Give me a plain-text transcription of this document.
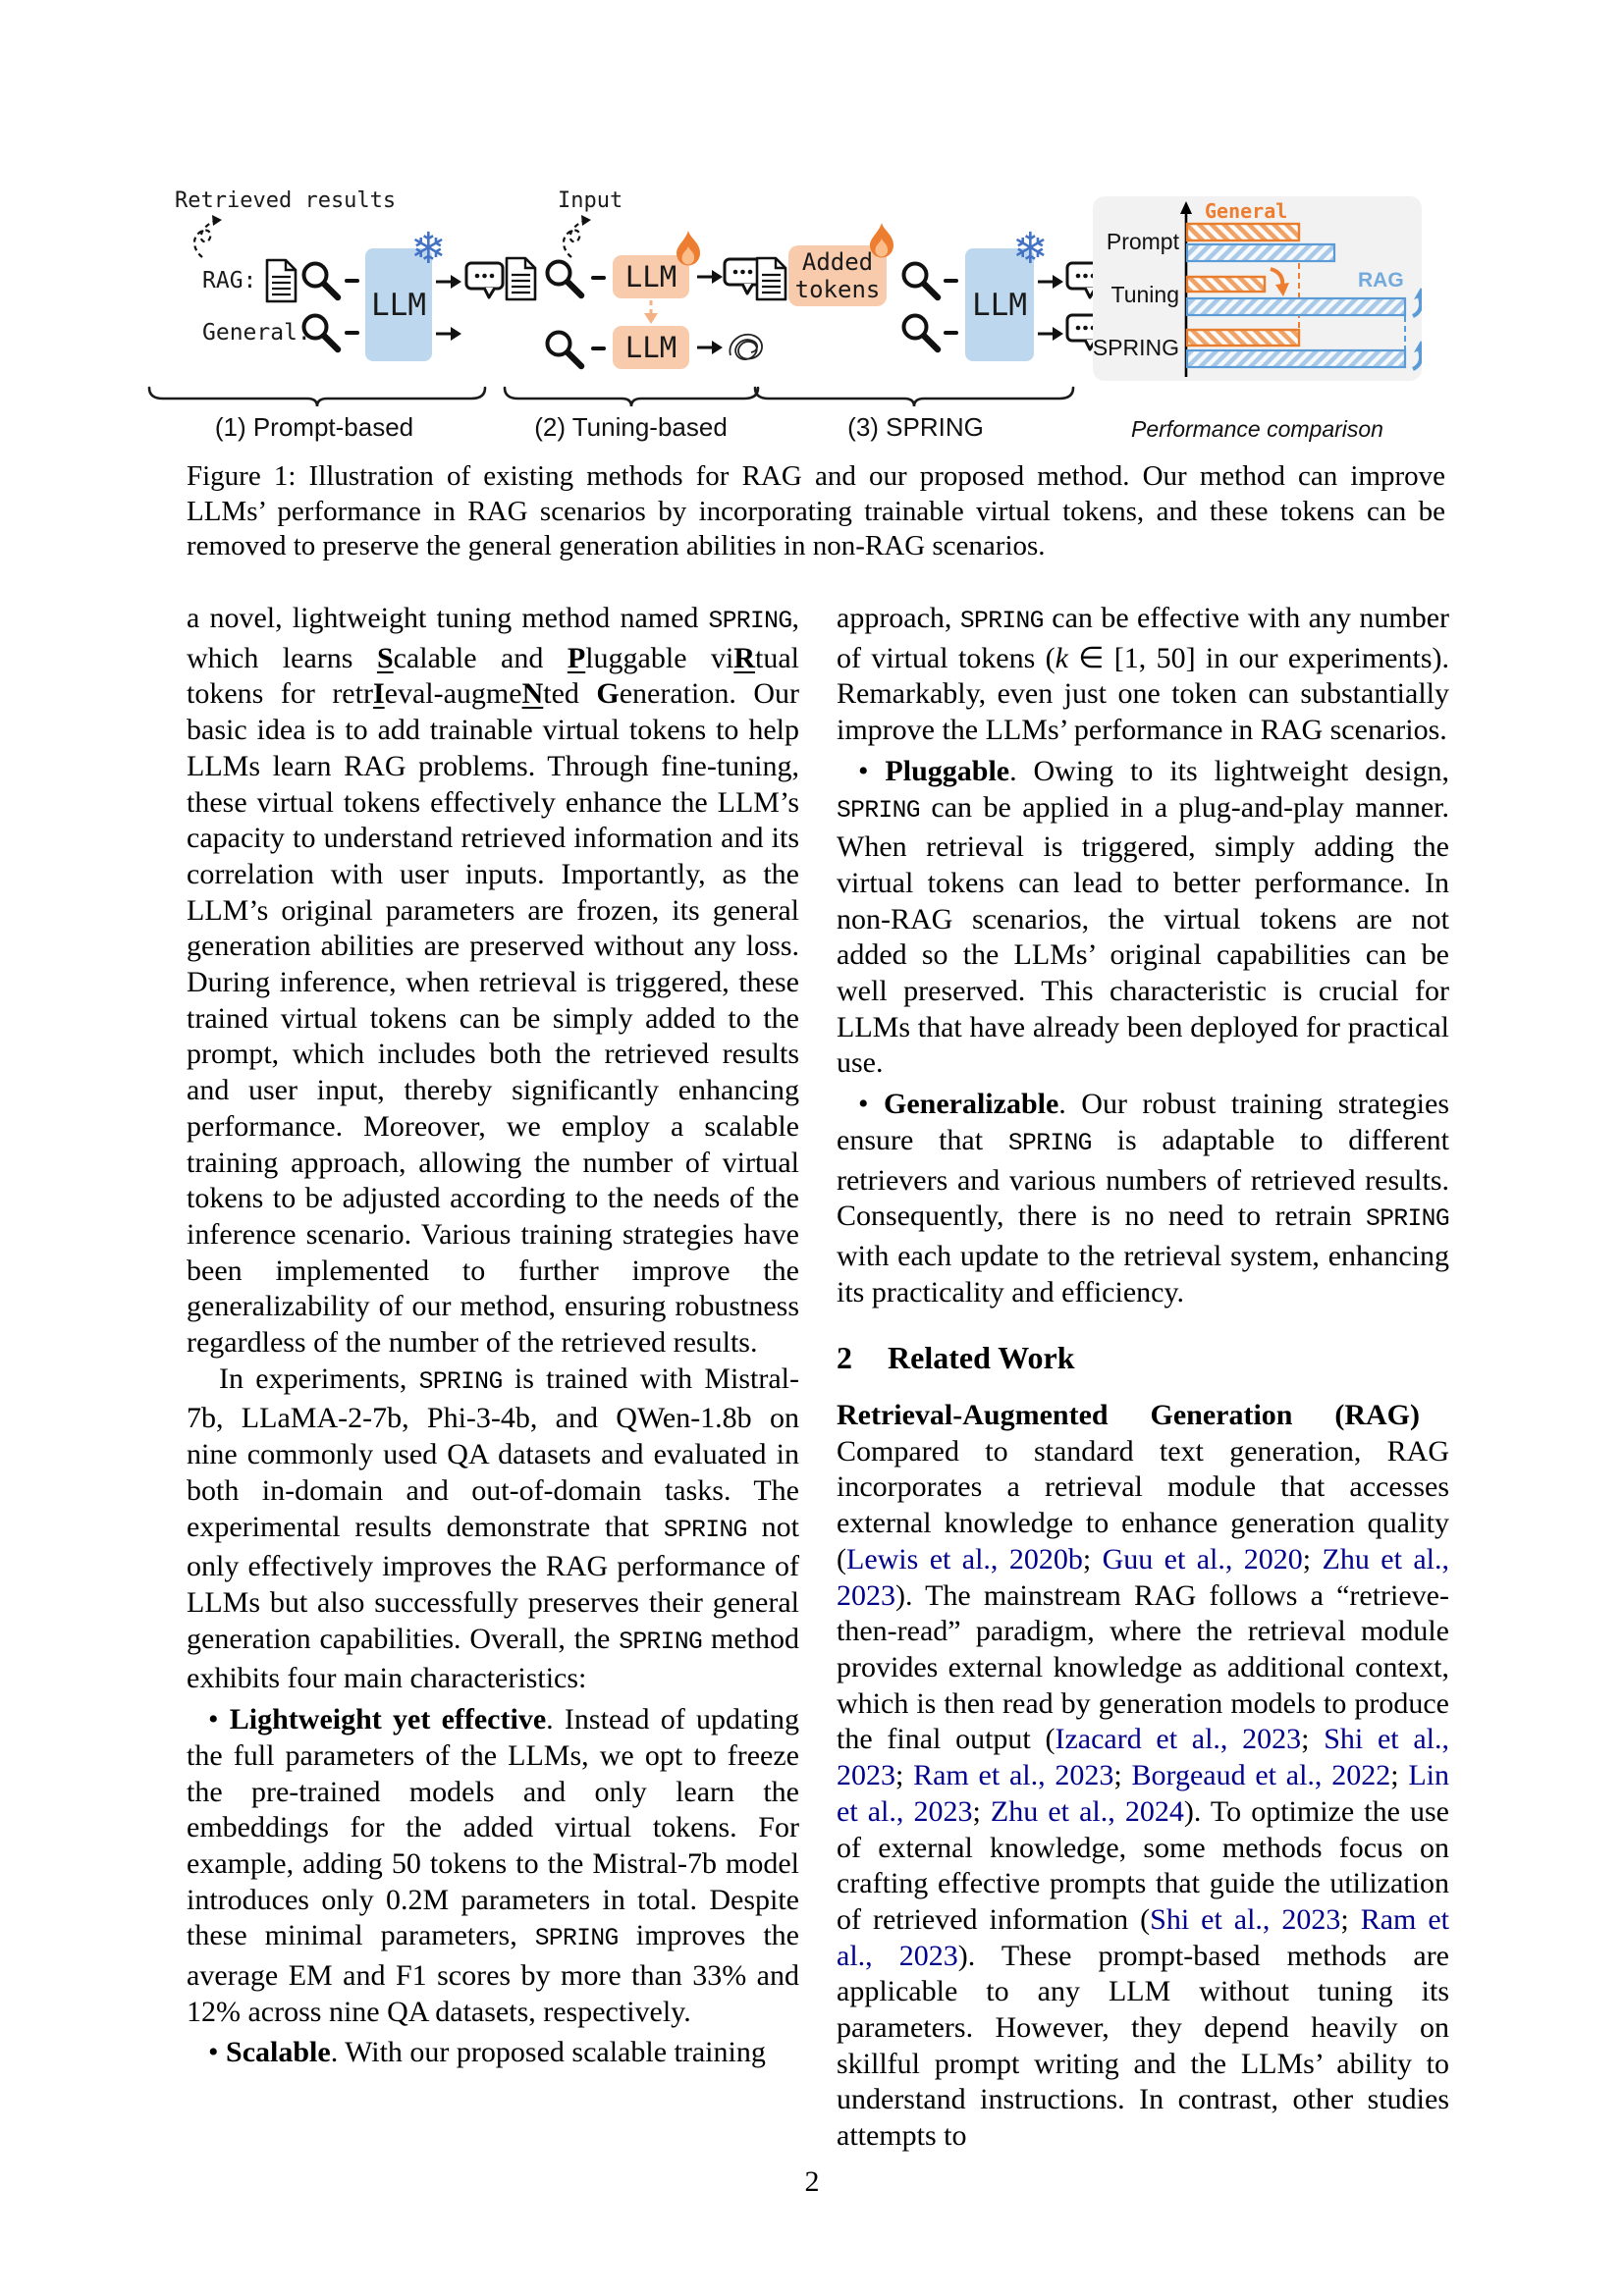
Retrieved results
RAG:
General:
LLM
❄
(1) Prompt-based
Input
LLM
LLM
(2) Tuning-based
Added
tokens	LLM
❄
(3) SPRING
General
RAG
Prompt
Tuning
SPRING
Performance comparison

Figure 1: Illustration of existing methods for RAG and our proposed method. Our method can improve LLMs’ performance in RAG scenarios by incorporating trainable virtual tokens, and these tokens can be removed to preserve the general generation abilities in non-RAG scenarios.

a novel, lightweight tuning method named SPRING, which learns Scalable and Pluggable viRtual tokens for retrIeval-augmeNted Generation. Our basic idea is to add trainable virtual tokens to help LLMs learn RAG problems. Through fine-tuning, these virtual tokens effectively enhance the LLM’s capacity to understand retrieved information and its correlation with user inputs. Importantly, as the LLM’s original parameters are frozen, its general generation abilities are preserved without any loss. During inference, when retrieval is triggered, these trained virtual tokens can be simply added to the prompt, which includes both the retrieved results and user input, thereby significantly enhancing performance. Moreover, we employ a scalable training approach, allowing the number of virtual tokens to be adjusted according to the needs of the inference scenario. Various training strategies have been implemented to further improve the generalizability of our method, ensuring robustness regardless of the number of the retrieved results.

In experiments, SPRING is trained with Mistral-7b, LLaMA-2-7b, Phi-3-4b, and QWen-1.8b on nine commonly used QA datasets and evaluated in both in-domain and out-of-domain tasks. The experimental results demonstrate that SPRING not only effectively improves the RAG performance of LLMs but also successfully preserves their general generation capabilities. Overall, the SPRING method exhibits four main characteristics:

• Lightweight yet effective. Instead of updating the full parameters of the LLMs, we opt to freeze the pre-trained models and only learn the embeddings for the added virtual tokens. For example, adding 50 tokens to the Mistral-7b model introduces only 0.2M parameters in total. Despite these minimal parameters, SPRING improves the average EM and F1 scores by more than 33% and 12% across nine QA datasets, respectively.

• Scalable. With our proposed scalable training

approach, SPRING can be effective with any number of virtual tokens (k ∈ [1, 50] in our experiments). Remarkably, even just one token can substantially improve the LLMs’ performance in RAG scenarios.

• Pluggable. Owing to its lightweight design, SPRING can be applied in a plug-and-play manner. When retrieval is triggered, simply adding the virtual tokens can lead to better performance. In non-RAG scenarios, the virtual tokens are not added so the LLMs’ original capabilities can be well preserved. This characteristic is crucial for LLMs that have already been deployed for practical use.

• Generalizable. Our robust training strategies ensure that SPRING is adaptable to different retrievers and various numbers of retrieved results. Consequently, there is no need to retrain SPRING with each update to the retrieval system, enhancing its practicality and efficiency.

2 Related Work

Retrieval-Augmented Generation (RAG)  Compared to standard text generation, RAG incorporates a retrieval module that accesses external knowledge to enhance generation quality (Lewis et al., 2020b; Guu et al., 2020; Zhu et al., 2023). The mainstream RAG follows a “retrieve-then-read” paradigm, where the retrieval module provides external knowledge as additional context, which is then read by generation models to produce the final output (Izacard et al., 2023; Shi et al., 2023; Ram et al., 2023; Borgeaud et al., 2022; Lin et al., 2023; Zhu et al., 2024). To optimize the use of external knowledge, some methods focus on crafting effective prompts that guide the utilization of retrieved information (Shi et al., 2023; Ram et al., 2023). These prompt-based methods are applicable to any LLM without tuning its parameters. However, they depend heavily on skillful prompt writing and the LLMs’ ability to understand instructions. In contrast, other studies attempts to

2
